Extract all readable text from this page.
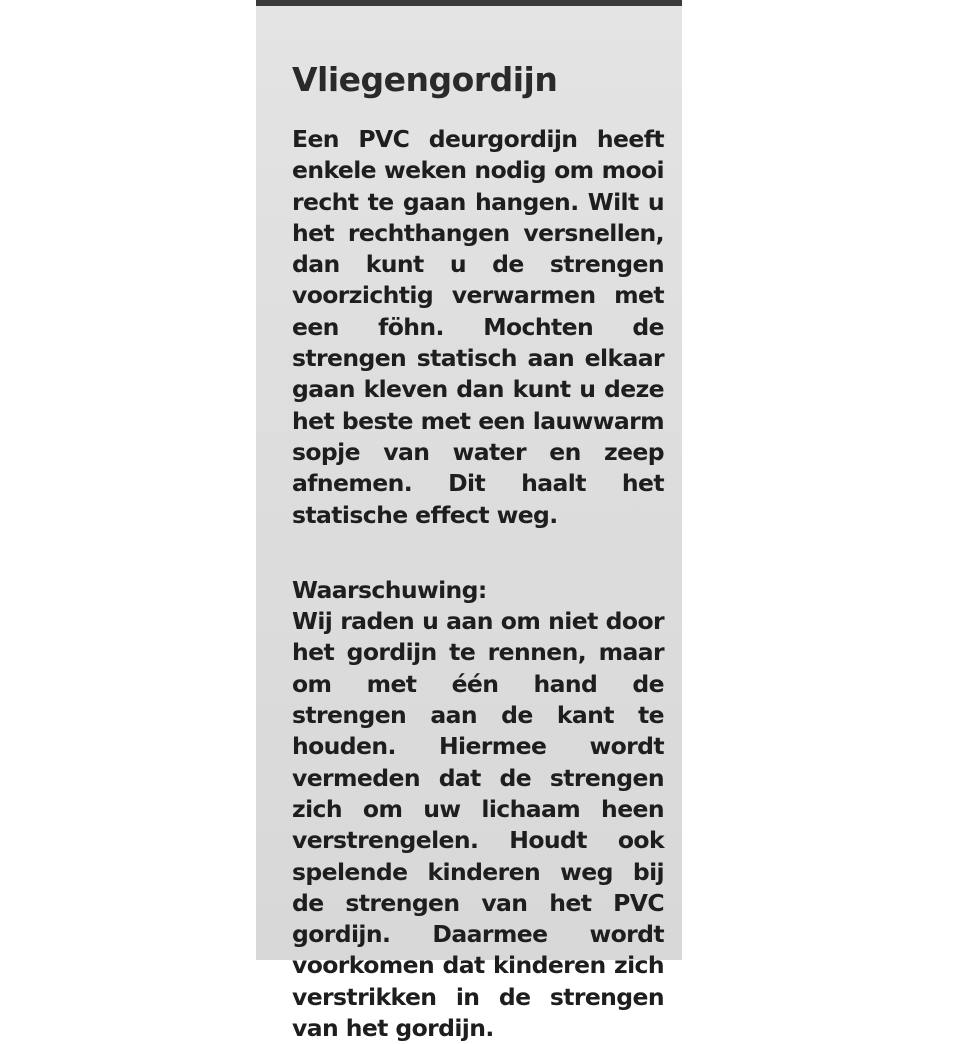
Vliegengordijn

Een PVC deurgordijn heeft enkele weken nodig om mooi recht te gaan hangen. Wilt u het rechthangen versnellen, dan kunt u de strengen voorzichtig verwarmen met een föhn. Mochten de strengen statisch aan elkaar gaan kleven dan kunt u deze het beste met een lauwwarm sopje van water en zeep afnemen. Dit haalt het statische effect weg.

Waarschuwing:

Wij raden u aan om niet door het gordijn te rennen, maar om met één hand de strengen aan de kant te houden. Hiermee wordt vermeden dat de strengen zich om uw lichaam heen verstrengelen. Houdt ook spelende kinderen weg bij de strengen van het PVC gordijn. Daarmee wordt voorkomen dat kinderen zich verstrikken in de strengen van het gordijn.
